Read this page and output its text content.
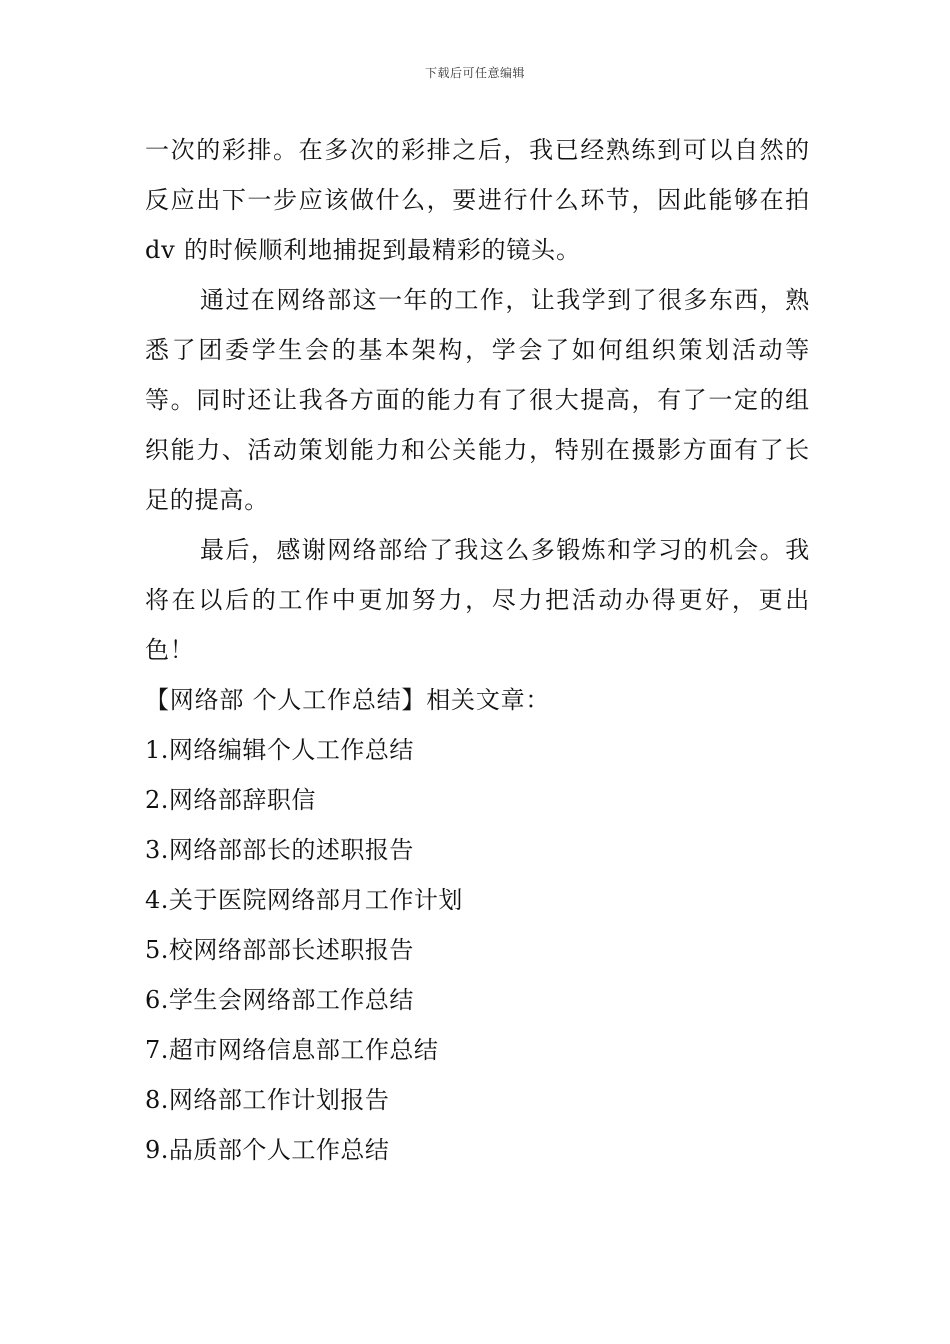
下载后可任意编辑

一次的彩排。在多次的彩排之后，我已经熟练到可以自然的反应出下一步应该做什么，要进行什么环节，因此能够在拍 dv 的时候顺利地捕捉到最精彩的镜头。

通过在网络部这一年的工作，让我学到了很多东西，熟悉了团委学生会的基本架构，学会了如何组织策划活动等等。同时还让我各方面的能力有了很大提高，有了一定的组织能力、活动策划能力和公关能力，特别在摄影方面有了长足的提高。

最后，感谢网络部给了我这么多锻炼和学习的机会。我将在以后的工作中更加努力，尽力把活动办得更好，更出色！

【网络部 个人工作总结】相关文章：

1.网络编辑个人工作总结
2.网络部辞职信
3.网络部部长的述职报告
4.关于医院网络部月工作计划
5.校网络部部长述职报告
6.学生会网络部工作总结
7.超市网络信息部工作总结
8.网络部工作计划报告
9.品质部个人工作总结
